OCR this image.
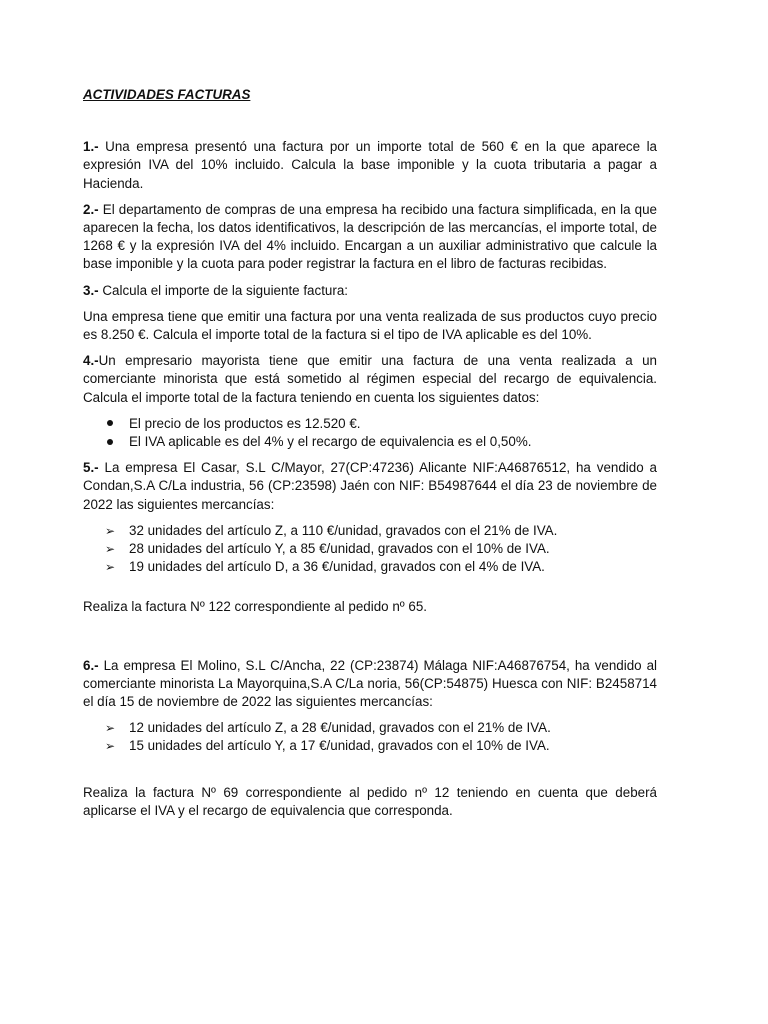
ACTIVIDADES FACTURAS

1.- Una empresa presentó una factura por un importe total de 560 € en la que aparece la expresión IVA del 10% incluido. Calcula la base imponible y la cuota tributaria a pagar a Hacienda.

2.- El departamento de compras de una empresa ha recibido una factura simplificada, en la que aparecen la fecha, los datos identificativos, la descripción de las mercancías, el importe total, de 1268 € y la expresión IVA del 4% incluido. Encargan a un auxiliar administrativo que calcule la base imponible y la cuota para poder registrar la factura en el libro de facturas recibidas.

3.- Calcula el importe de la siguiente factura:

Una empresa tiene que emitir una factura por una venta realizada de sus productos cuyo precio es 8.250 €. Calcula el importe total de la factura si el tipo de IVA aplicable es del 10%.

4.-Un empresario mayorista tiene que emitir una factura de una venta realizada a un comerciante minorista que está sometido al régimen especial del recargo de equivalencia. Calcula el importe total de la factura teniendo en cuenta los siguientes datos:

El precio de los productos es 12.520 €.
El IVA aplicable es del 4% y el recargo de equivalencia es el 0,50%.

5.- La empresa El Casar, S.L C/Mayor, 27(CP:47236) Alicante NIF:A46876512, ha vendido a Condan,S.A C/La industria, 56 (CP:23598) Jaén con NIF: B54987644 el día 23 de noviembre de 2022 las siguientes mercancías:

➢ 32 unidades del artículo Z, a 110 €/unidad, gravados con el 21% de IVA.
➢ 28 unidades del artículo Y, a 85 €/unidad, gravados con el 10% de IVA.
➢ 19 unidades del artículo D, a 36 €/unidad, gravados con el 4% de IVA.

Realiza la factura Nº 122 correspondiente al pedido nº 65.

6.- La empresa El Molino, S.L C/Ancha, 22 (CP:23874) Málaga NIF:A46876754, ha vendido al comerciante minorista La Mayorquina,S.A C/La noria, 56(CP:54875) Huesca con NIF: B2458714 el día 15 de noviembre de 2022 las siguientes mercancías:

➢ 12 unidades del artículo Z, a 28 €/unidad, gravados con el 21% de IVA.
➢ 15 unidades del artículo Y, a 17 €/unidad, gravados con el 10% de IVA.

Realiza la factura Nº 69 correspondiente al pedido nº 12 teniendo en cuenta que deberá aplicarse el IVA y el recargo de equivalencia que corresponda.
